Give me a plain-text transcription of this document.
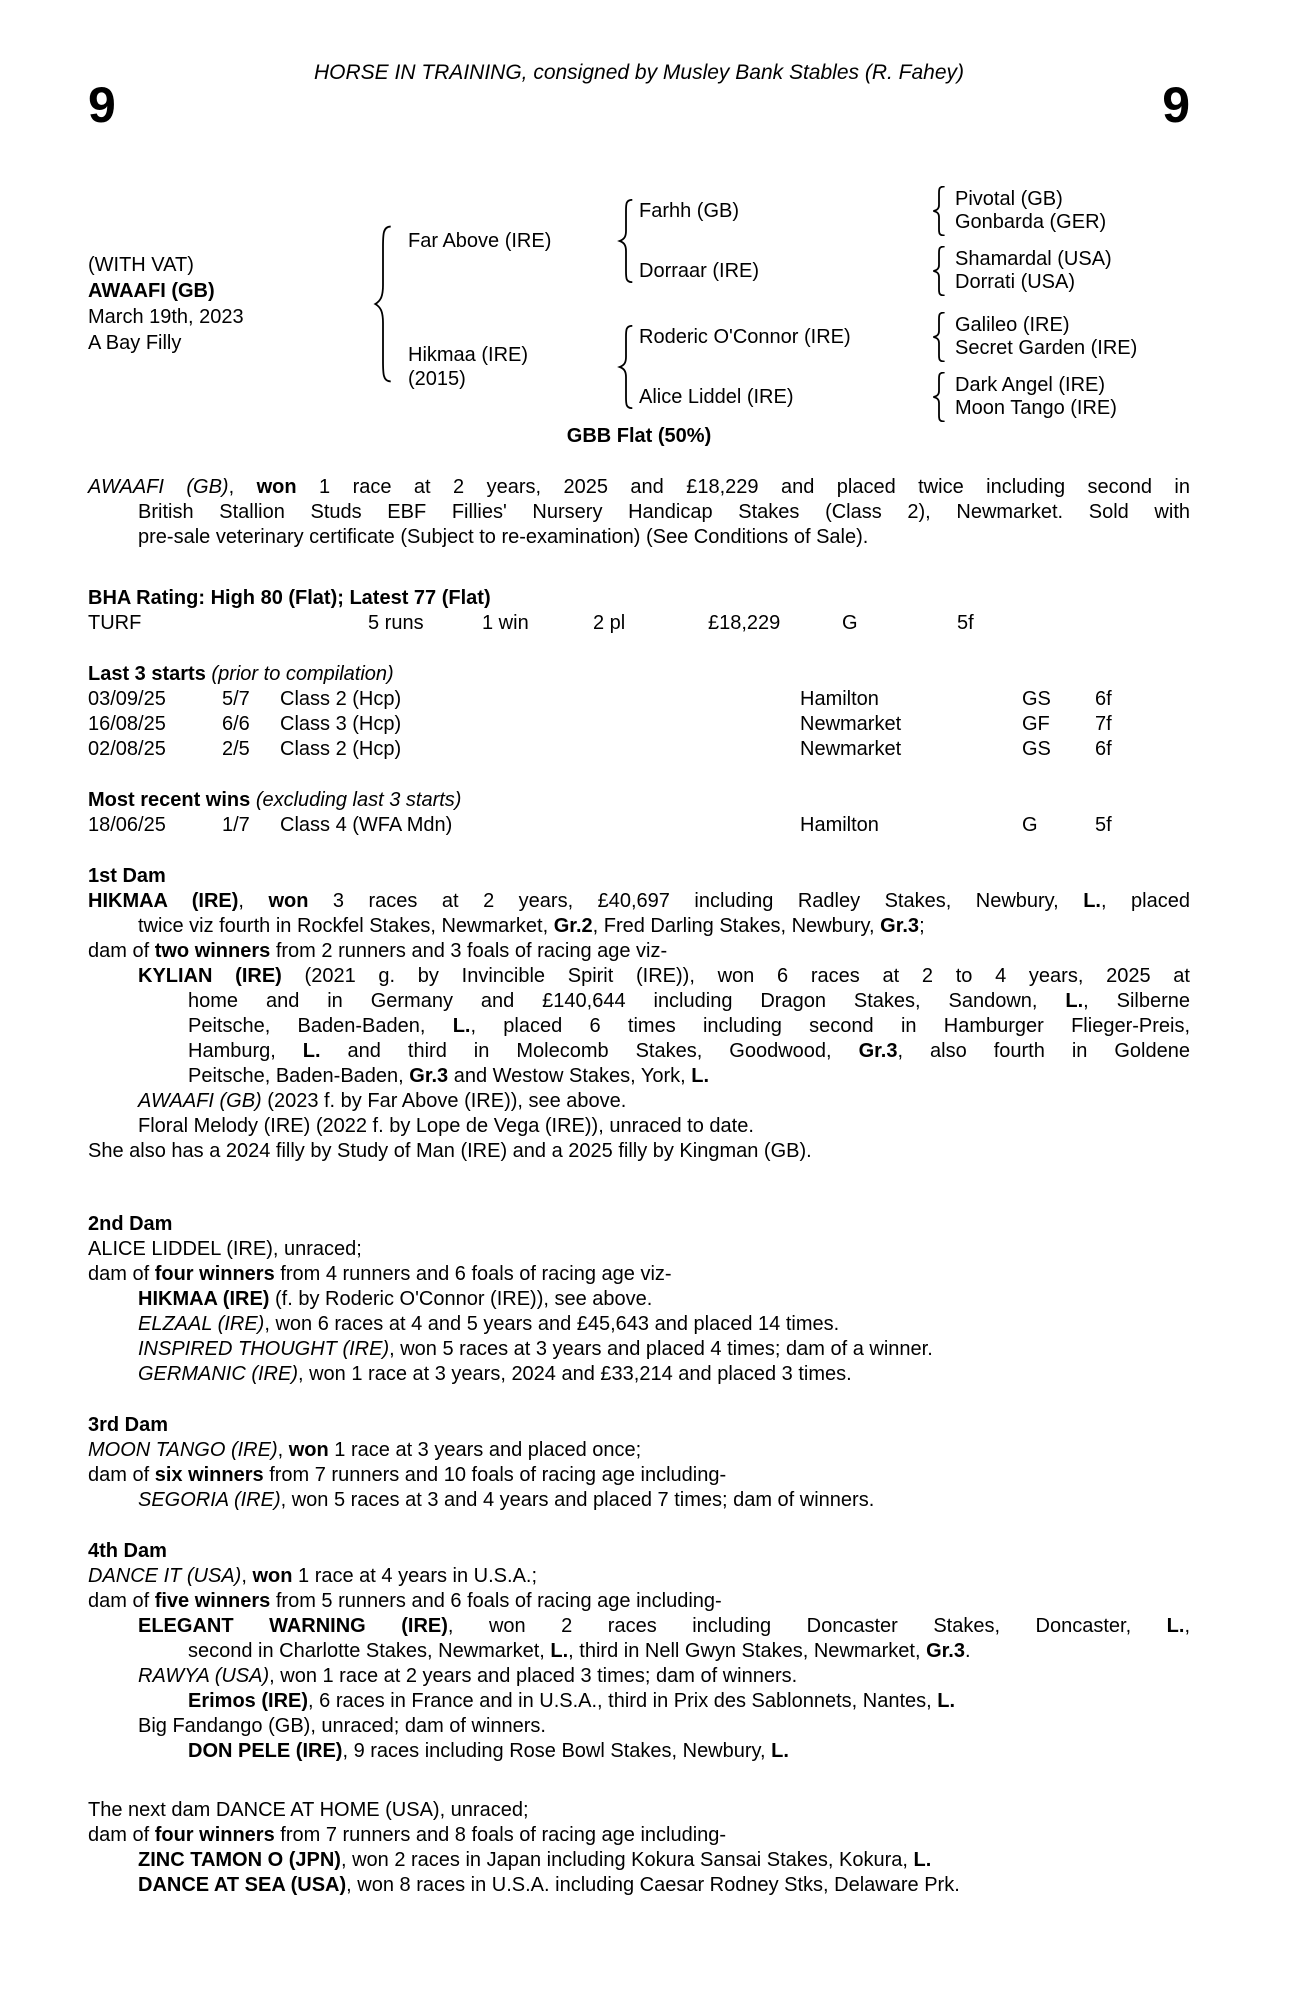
HORSE IN TRAINING, consigned by Musley Bank Stables (R. Fahey)
9	9
(WITH VAT)
AWAAFI (GB)
March 19th, 2023
A Bay Filly
Far Above (IRE)
Farhh (GB)
Pivotal (GB)
Gonbarda (GER)
Dorraar (IRE)
Shamardal (USA)
Dorrati (USA)
Hikmaa (IRE)
(2015)
Roderic O'Connor (IRE)
Galileo (IRE)
Secret Garden (IRE)
Alice Liddel (IRE)
Dark Angel (IRE)
Moon Tango (IRE)
GBB Flat (50%)
AWAAFI (GB), won 1 race at 2 years, 2025 and £18,229 and placed twice including second in
British Stallion Studs EBF Fillies' Nursery Handicap Stakes (Class 2), Newmarket. Sold with
pre-sale veterinary certificate (Subject to re-examination) (See Conditions of Sale).
BHA Rating: High 80 (Flat); Latest 77 (Flat)
TURF	5 runs	1 win	2 pl	£18,229	G	5f
Last 3 starts (prior to compilation)
03/09/25	5/7	Class 2 (Hcp)	Hamilton	GS	6f
16/08/25	6/6	Class 3 (Hcp)	Newmarket	GF	7f
02/08/25	2/5	Class 2 (Hcp)	Newmarket	GS	6f
Most recent wins (excluding last 3 starts)
18/06/25	1/7	Class 4 (WFA Mdn)	Hamilton	G	5f
1st Dam
HIKMAA (IRE), won 3 races at 2 years, £40,697 including Radley Stakes, Newbury, L., placed
twice viz fourth in Rockfel Stakes, Newmarket, Gr.2, Fred Darling Stakes, Newbury, Gr.3;
dam of two winners from 2 runners and 3 foals of racing age viz-
KYLIAN (IRE) (2021 g. by Invincible Spirit (IRE)), won 6 races at 2 to 4 years, 2025 at
home and in Germany and £140,644 including Dragon Stakes, Sandown, L., Silberne
Peitsche, Baden-Baden, L., placed 6 times including second in Hamburger Flieger-Preis,
Hamburg, L. and third in Molecomb Stakes, Goodwood, Gr.3, also fourth in Goldene
Peitsche, Baden-Baden, Gr.3 and Westow Stakes, York, L.
AWAAFI (GB) (2023 f. by Far Above (IRE)), see above.
Floral Melody (IRE) (2022 f. by Lope de Vega (IRE)), unraced to date.
She also has a 2024 filly by Study of Man (IRE) and a 2025 filly by Kingman (GB).
2nd Dam
ALICE LIDDEL (IRE), unraced;
dam of four winners from 4 runners and 6 foals of racing age viz-
HIKMAA (IRE) (f. by Roderic O'Connor (IRE)), see above.
ELZAAL (IRE), won 6 races at 4 and 5 years and £45,643 and placed 14 times.
INSPIRED THOUGHT (IRE), won 5 races at 3 years and placed 4 times; dam of a winner.
GERMANIC (IRE), won 1 race at 3 years, 2024 and £33,214 and placed 3 times.
3rd Dam
MOON TANGO (IRE), won 1 race at 3 years and placed once;
dam of six winners from 7 runners and 10 foals of racing age including-
SEGORIA (IRE), won 5 races at 3 and 4 years and placed 7 times; dam of winners.
4th Dam
DANCE IT (USA), won 1 race at 4 years in U.S.A.;
dam of five winners from 5 runners and 6 foals of racing age including-
ELEGANT WARNING (IRE), won 2 races including Doncaster Stakes, Doncaster, L.,
second in Charlotte Stakes, Newmarket, L., third in Nell Gwyn Stakes, Newmarket, Gr.3.
RAWYA (USA), won 1 race at 2 years and placed 3 times; dam of winners.
Erimos (IRE), 6 races in France and in U.S.A., third in Prix des Sablonnets, Nantes, L.
Big Fandango (GB), unraced; dam of winners.
DON PELE (IRE), 9 races including Rose Bowl Stakes, Newbury, L.
The next dam DANCE AT HOME (USA), unraced;
dam of four winners from 7 runners and 8 foals of racing age including-
ZINC TAMON O (JPN), won 2 races in Japan including Kokura Sansai Stakes, Kokura, L.
DANCE AT SEA (USA), won 8 races in U.S.A. including Caesar Rodney Stks, Delaware Prk.
